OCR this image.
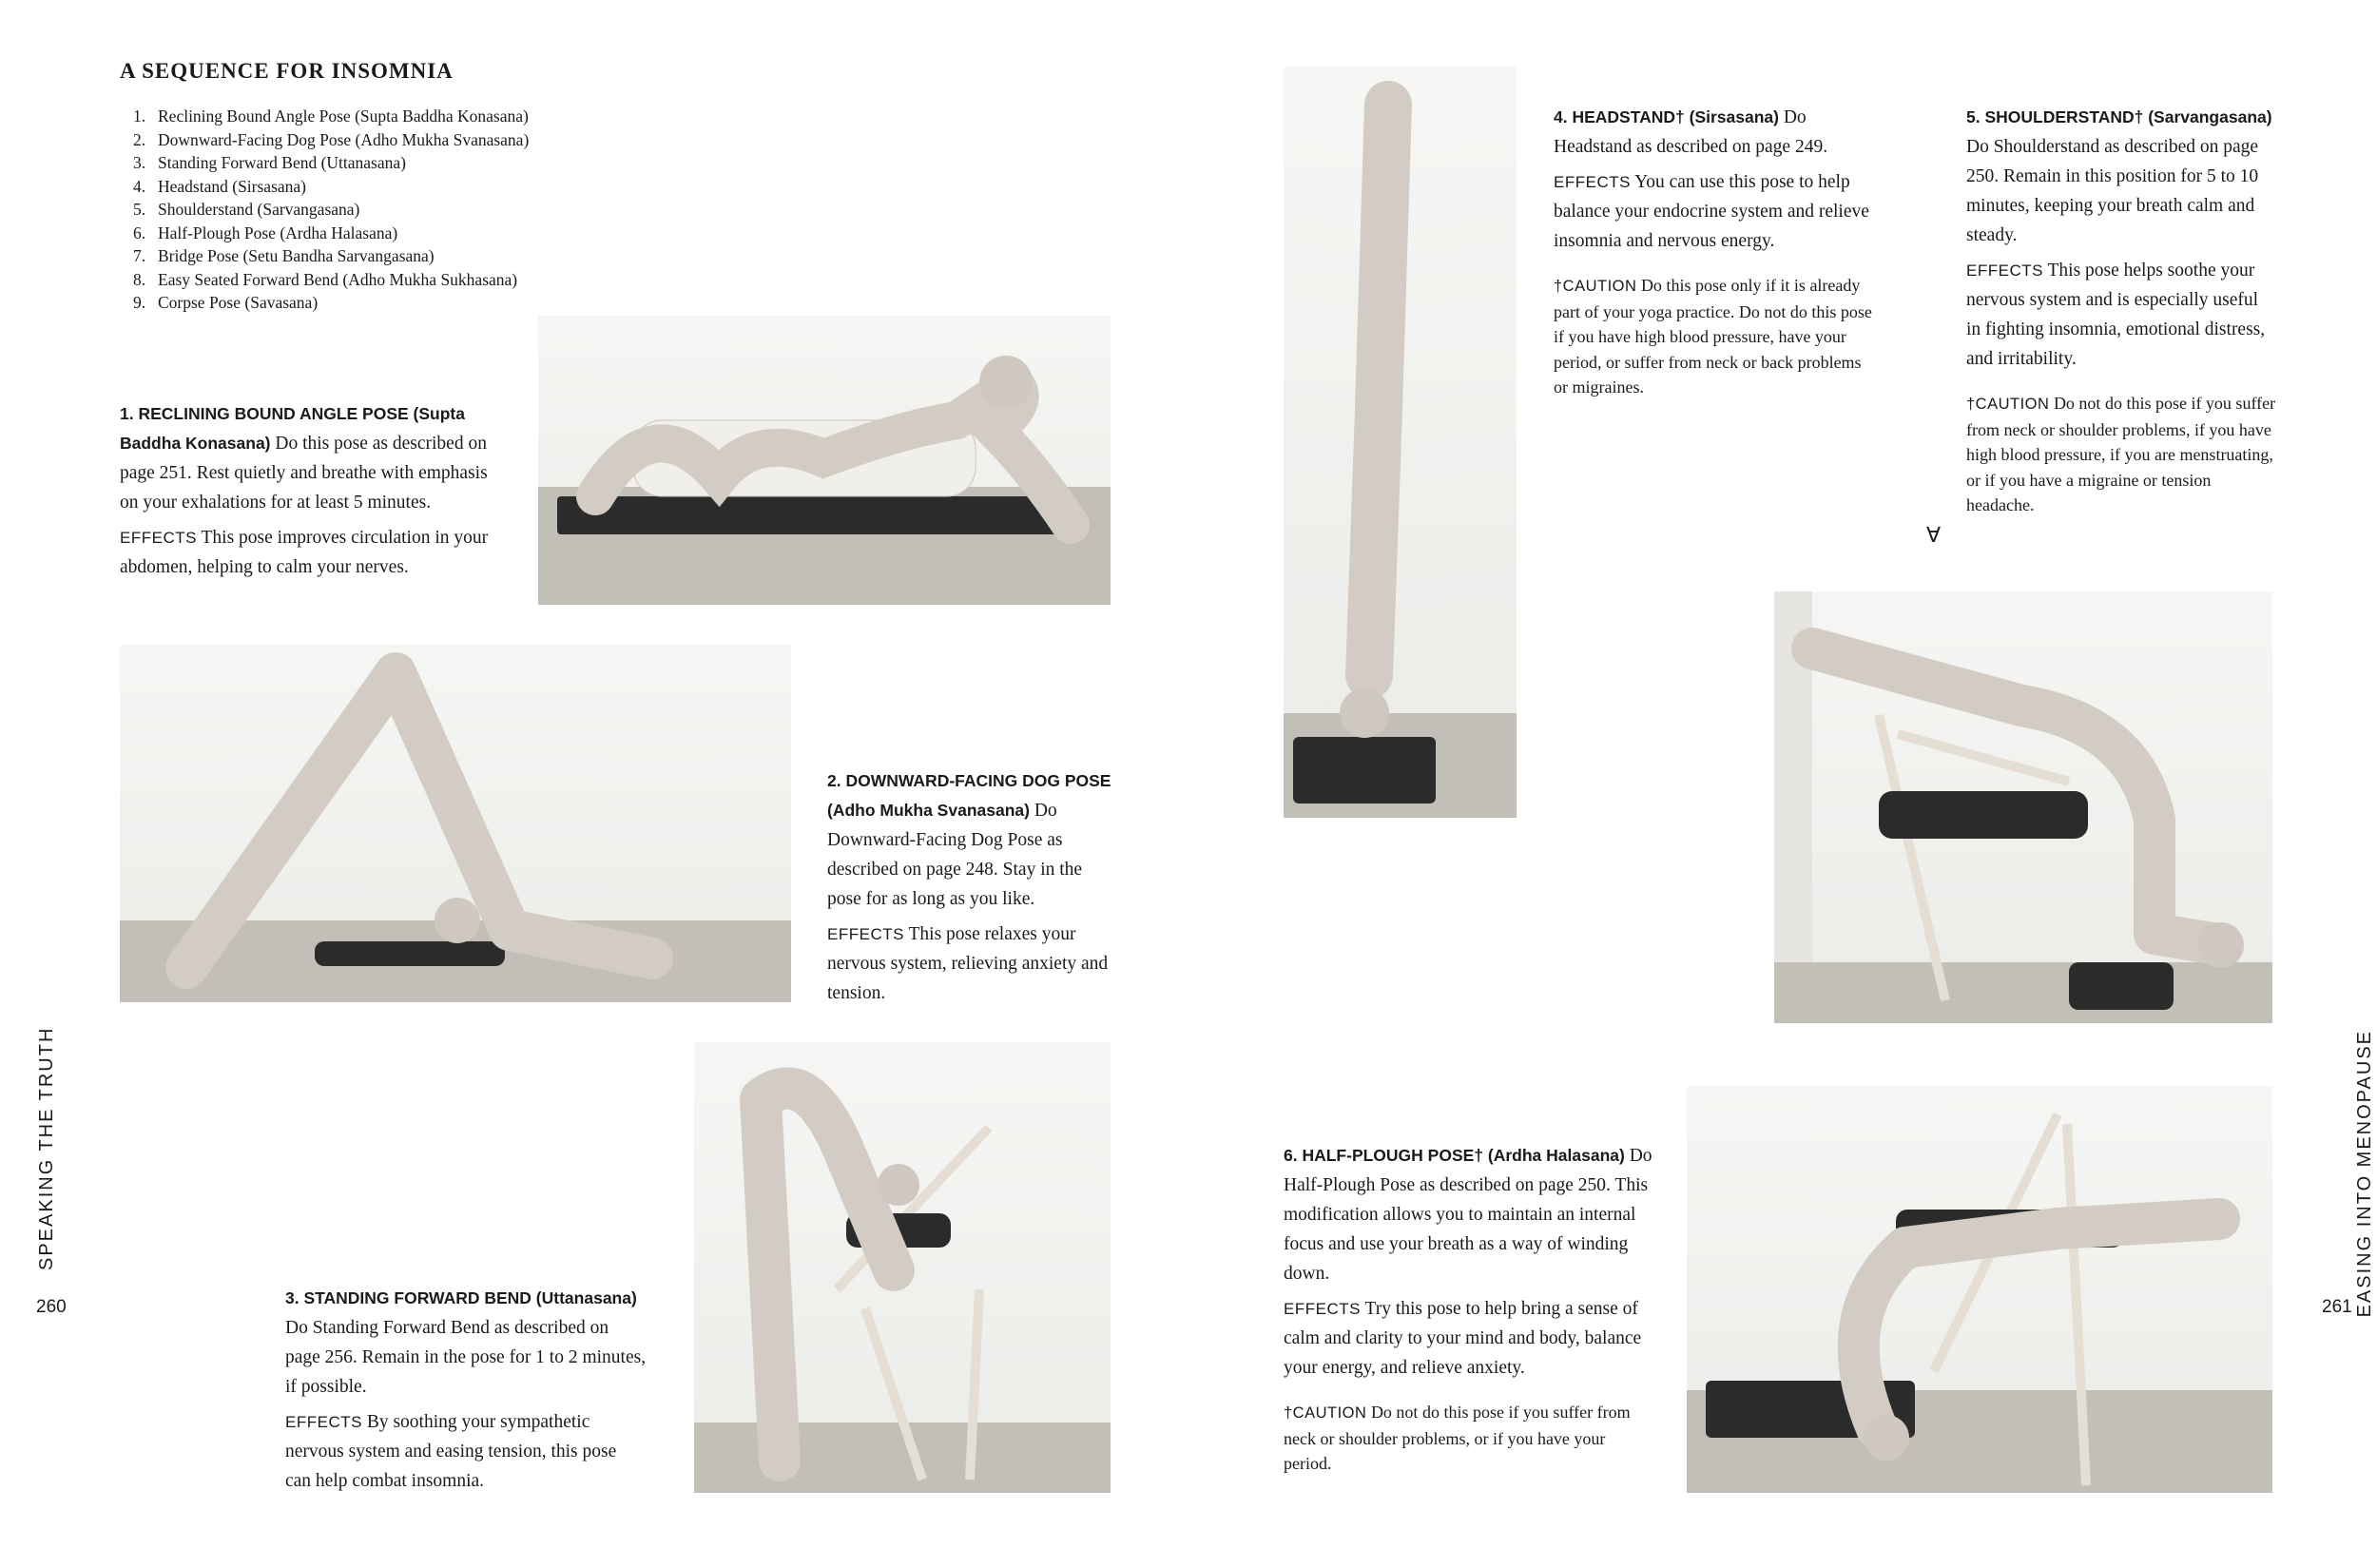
A SEQUENCE FOR INSOMNIA
1. Reclining Bound Angle Pose (Supta Baddha Konasana)
2. Downward-Facing Dog Pose (Adho Mukha Svanasana)
3. Standing Forward Bend (Uttanasana)
4. Headstand (Sirsasana)
5. Shoulderstand (Sarvangasana)
6. Half-Plough Pose (Ardha Halasana)
7. Bridge Pose (Setu Bandha Sarvangasana)
8. Easy Seated Forward Bend (Adho Mukha Sukhasana)
9. Corpse Pose (Savasana)

1. RECLINING BOUND ANGLE POSE (Supta Baddha Konasana) Do this pose as described on page 251. Rest quietly and breathe with emphasis on your exhalations for at least 5 minutes.

EFFECTS This pose improves circulation in your abdomen, helping to calm your nerves.

2. DOWNWARD-FACING DOG POSE (Adho Mukha Svanasana) Do Downward-Facing Dog Pose as described on page 248. Stay in the pose for as long as you like.

EFFECTS This pose relaxes your nervous system, relieving anxiety and tension.

3. STANDING FORWARD BEND (Uttanasana) Do Standing Forward Bend as described on page 256. Remain in the pose for 1 to 2 minutes, if possible.

EFFECTS By soothing your sympathetic nervous system and easing tension, this pose can help combat insomnia.

SPEAKING THE TRUTH
260

4. HEADSTAND† (Sirsasana) Do Headstand as described on page 249.

EFFECTS You can use this pose to help balance your endocrine system and relieve insomnia and nervous energy.

†CAUTION Do this pose only if it is already part of your yoga practice. Do not do this pose if you have high blood pressure, have your period, or suffer from neck or back problems or migraines.

5. SHOULDERSTAND† (Sarvangasana) Do Shoulderstand as described on page 250. Remain in this position for 5 to 10 minutes, keeping your breath calm and steady.

EFFECTS This pose helps soothe your nervous system and is especially useful in fighting insomnia, emotional distress, and irritability.

†CAUTION Do not do this pose if you suffer from neck or shoulder problems, if you have high blood pressure, if you are menstruating, or if you have a migraine or tension headache.

∀

6. HALF-PLOUGH POSE† (Ardha Halasana) Do Half-Plough Pose as described on page 250. This modification allows you to maintain an internal focus and use your breath as a way of winding down.

EFFECTS Try this pose to help bring a sense of calm and clarity to your mind and body, balance your energy, and relieve anxiety.

†CAUTION Do not do this pose if you suffer from neck or shoulder problems, or if you have your period.

EASING INTO MENOPAUSE
261
